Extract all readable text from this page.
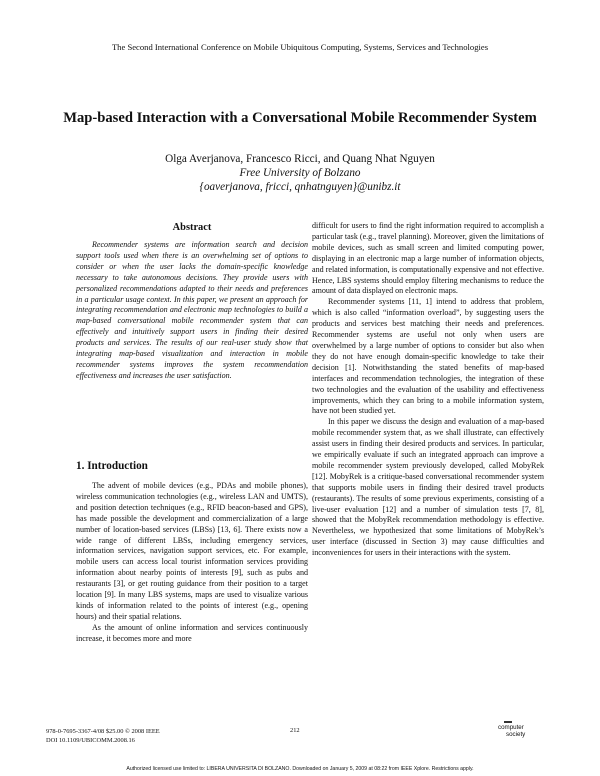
The Second International Conference on Mobile Ubiquitous Computing, Systems, Services and Technologies
Map-based Interaction with a Conversational Mobile Recommender System
Olga Averjanova, Francesco Ricci, and Quang Nhat Nguyen
Free University of Bolzano
{oaverjanova, fricci, qnhatnguyen}@unibz.it
Abstract

Recommender systems are information search and decision support tools used when there is an overwhelming set of options to consider or when the user lacks the domain-specific knowledge necessary to take autonomous decisions. They provide users with personalized recommendations adapted to their needs and preferences in a particular usage context. In this paper, we present an approach for integrating recommendation and electronic map technologies to build a map-based conversational mobile recommender system that can effectively and intuitively support users in finding their desired products and services. The results of our real-user study show that integrating map-based visualization and interaction in mobile recommender systems improves the system recommendation effectiveness and increases the user satisfaction.

1. Introduction

The advent of mobile devices (e.g., PDAs and mobile phones), wireless communication technologies (e.g., wireless LAN and UMTS), and position detection techniques (e.g., RFID beacon-based and GPS), has made possible the development and commercialization of a large number of location-based services (LBSs) [13, 6]. There exists now a wide range of different LBSs, including emergency services, information services, navigation support services, etc. For example, mobile users can access local tourist information services providing information about nearby points of interests [9], such as pubs and restaurants [3], or get routing guidance from their position to a target location [9]. In many LBS systems, maps are used to visualize various kinds of information related to the points of interest (e.g., opening hours) and their spatial relations.

As the amount of online information and services continuously increase, it becomes more and more

difficult for users to find the right information required to accomplish a particular task (e.g., travel planning). Moreover, given the limitations of mobile devices, such as small screen and limited computing power, displaying in an electronic map a large number of information objects, and related information, is computationally expensive and not effective. Hence, LBS systems should employ filtering mechanisms to reduce the amount of data displayed on electronic maps.

Recommender systems [11, 1] intend to address that problem, which is also called “information overload”, by suggesting users the products and services best matching their needs and preferences. Recommender systems are useful not only when users are overwhelmed by a large number of options to consider but also when they do not have enough domain-specific knowledge to take their decision [1]. Notwithstanding the stated benefits of map-based interfaces and recommendation technologies, the integration of these two technologies and the evaluation of the usability and effectiveness improvements, which they can bring to a mobile information system, have not been studied yet.

In this paper we discuss the design and evaluation of a map-based mobile recommender system that, as we shall illustrate, can effectively assist users in finding their desired products and services. In particular, we empirically evaluate if such an integrated approach can improve a mobile recommender system previously developed, called MobyRek [12]. MobyRek is a critique-based conversational recommender system that supports mobile users in finding their desired travel products (restaurants). The results of some previous experiments, consisting of a live-user evaluation [12] and a number of simulation tests [7, 8], showed that the MobyRek recommendation methodology is effective. Nevertheless, we hypothesized that some limitations of MobyRek’s user interface (discussed in Section 3) may cause difficulties and inconveniences for users in their interactions with the system.

978-0-7695-3367-4/08 $25.00 © 2008 IEEE
DOI 10.1109/UBICOMM.2008.16
212	computer
society
Authorized licensed use limited to: LIBERA UNIVERSITA DI BOLZANO. Downloaded on January 5, 2009 at 08:22 from IEEE Xplore. Restrictions apply.
